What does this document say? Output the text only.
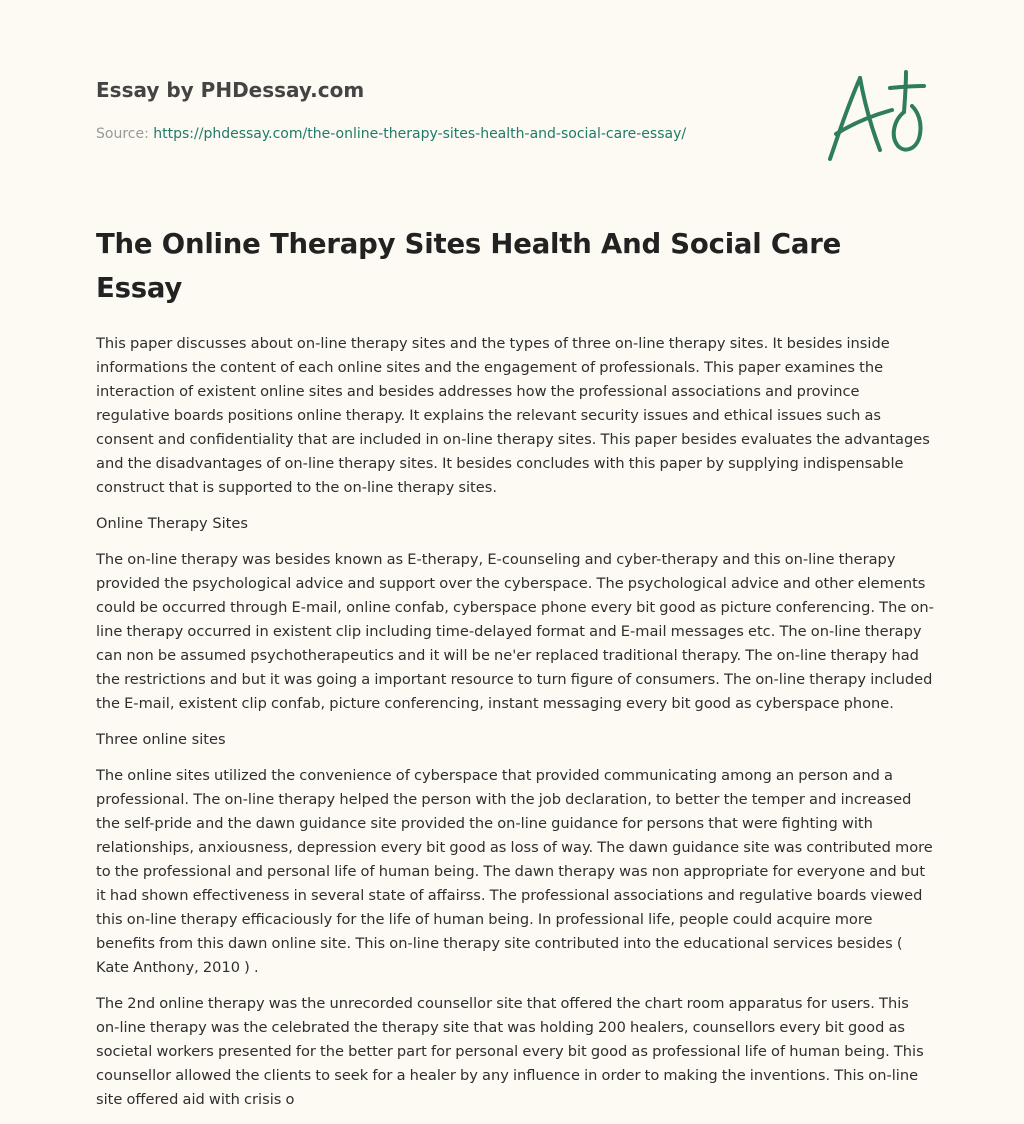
Essay by PHDessay.com
Source: https://phdessay.com/the-online-therapy-sites-health-and-social-care-essay/
The Online Therapy Sites Health And Social Care Essay

This paper discusses about on-line therapy sites and the types of three on-line therapy sites. It besides inside informations the content of each online sites and the engagement of professionals. This paper examines the interaction of existent online sites and besides addresses how the professional associations and province regulative boards positions online therapy. It explains the relevant security issues and ethical issues such as consent and confidentiality that are included in on-line therapy sites. This paper besides evaluates the advantages and the disadvantages of on-line therapy sites. It besides concludes with this paper by supplying indispensable construct that is supported to the on-line therapy sites.

Online Therapy Sites

The on-line therapy was besides known as E-therapy, E-counseling and cyber-therapy and this on-line therapy provided the psychological advice and support over the cyberspace. The psychological advice and other elements could be occurred through E-mail, online confab, cyberspace phone every bit good as picture conferencing. The on-line therapy occurred in existent clip including time-delayed format and E-mail messages etc. The on-line therapy can non be assumed psychotherapeutics and it will be ne'er replaced traditional therapy. The on-line therapy had the restrictions and but it was going a important resource to turn figure of consumers. The on-line therapy included the E-mail, existent clip confab, picture conferencing, instant messaging every bit good as cyberspace phone.

Three online sites

The online sites utilized the convenience of cyberspace that provided communicating among an person and a professional. The on-line therapy helped the person with the job declaration, to better the temper and increased the self-pride and the dawn guidance site provided the on-line guidance for persons that were fighting with relationships, anxiousness, depression every bit good as loss of way. The dawn guidance site was contributed more to the professional and personal life of human being. The dawn therapy was non appropriate for everyone and but it had shown effectiveness in several state of affairss. The professional associations and regulative boards viewed this on-line therapy efficaciously for the life of human being. In professional life, people could acquire more benefits from this dawn online site. This on-line therapy site contributed into the educational services besides ( Kate Anthony, 2010 ) .

The 2nd online therapy was the unrecorded counsellor site that offered the chart room apparatus for users. This on-line therapy was the celebrated the therapy site that was holding 200 healers, counsellors every bit good as societal workers presented for the better part for personal every bit good as professional life of human being. This counsellor allowed the clients to seek for a healer by any influence in order to making the inventions. This on-line site offered aid with crisis o
